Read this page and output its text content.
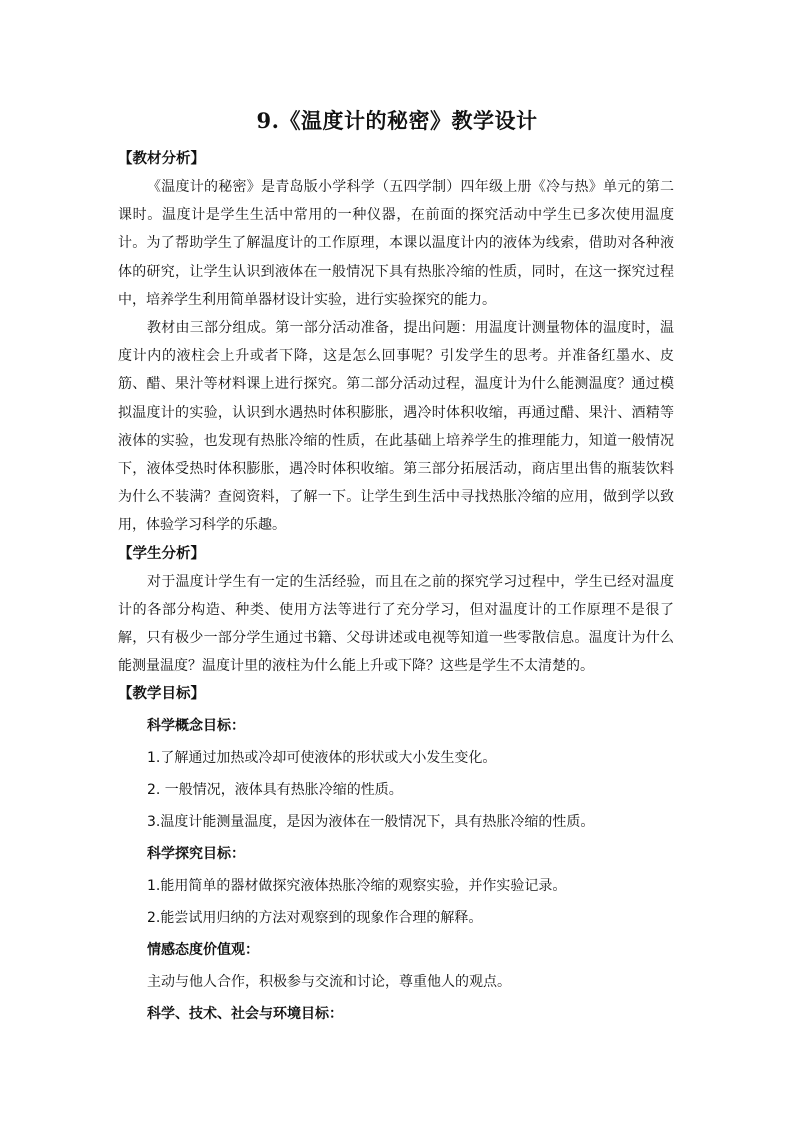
9.《温度计的秘密》教学设计

【教材分析】

《温度计的秘密》是青岛版小学科学（五四学制）四年级上册《冷与热》单元的第二课时。温度计是学生生活中常用的一种仪器，在前面的探究活动中学生已多次使用温度计。为了帮助学生了解温度计的工作原理，本课以温度计内的液体为线索，借助对各种液体的研究，让学生认识到液体在一般情况下具有热胀冷缩的性质，同时，在这一探究过程中，培养学生利用简单器材设计实验，进行实验探究的能力。

教材由三部分组成。第一部分活动准备，提出问题：用温度计测量物体的温度时，温度计内的液柱会上升或者下降，这是怎么回事呢？引发学生的思考。并准备红墨水、皮筋、醋、果汁等材料课上进行探究。第二部分活动过程，温度计为什么能测温度？通过模拟温度计的实验，认识到水遇热时体积膨胀，遇冷时体积收缩，再通过醋、果汁、酒精等液体的实验，也发现有热胀冷缩的性质，在此基础上培养学生的推理能力，知道一般情况下，液体受热时体积膨胀，遇冷时体积收缩。第三部分拓展活动，商店里出售的瓶装饮料为什么不装满？查阅资料，了解一下。让学生到生活中寻找热胀冷缩的应用，做到学以致用，体验学习科学的乐趣。

【学生分析】

对于温度计学生有一定的生活经验，而且在之前的探究学习过程中，学生已经对温度计的各部分构造、种类、使用方法等进行了充分学习，但对温度计的工作原理不是很了解，只有极少一部分学生通过书籍、父母讲述或电视等知道一些零散信息。温度计为什么能测量温度？温度计里的液柱为什么能上升或下降？这些是学生不太清楚的。

【教学目标】

科学概念目标：

1.了解通过加热或冷却可使液体的形状或大小发生变化。

2. 一般情况，液体具有热胀冷缩的性质。

3.温度计能测量温度，是因为液体在一般情况下，具有热胀冷缩的性质。

科学探究目标：

1.能用简单的器材做探究液体热胀冷缩的观察实验，并作实验记录。

2.能尝试用归纳的方法对观察到的现象作合理的解释。

情感态度价值观：

主动与他人合作，积极参与交流和讨论，尊重他人的观点。

科学、技术、社会与环境目标：
